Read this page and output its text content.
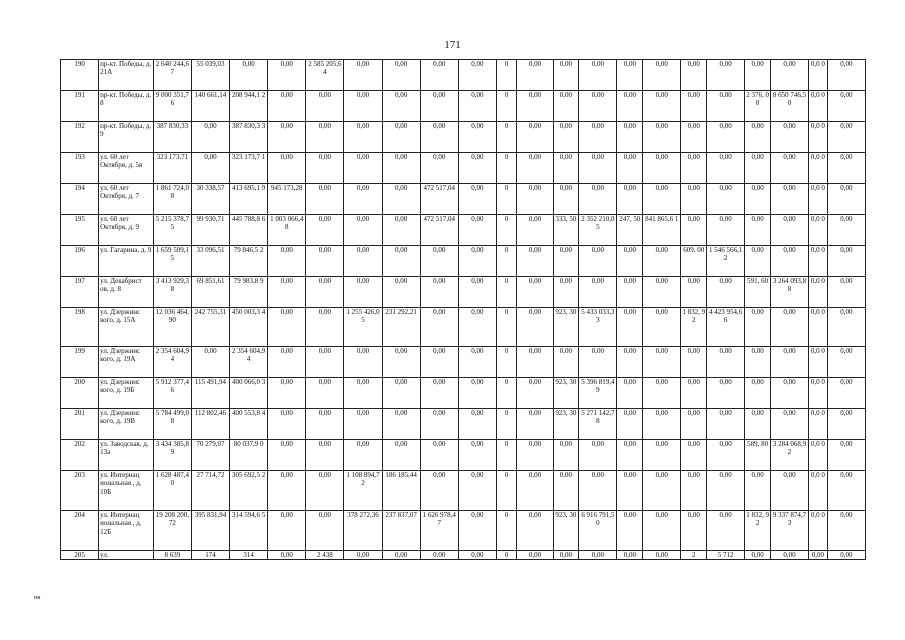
171
190	пр-кт. Победы, д. 21А	2 640 244,67	55 039,03	0,00	0,00	2 585 205,64	0,00	0,00	0,00	0,00	0	0,00	0,00	0,00	0,00	0,00	0,00	0,00	0,00	0,00	0,0 0	0,00
191	пр-кт. Победы, д. 8	9 000 351,76	140 661,14	208 944,1 2	0,00	0,00	0,00	0,00	0,00	0,00	0	0,00	0,00	0,00	0,00	0,00	0,00	0,00	2 376, 00	8 650 746,50	0,0 0	0,00
192	пр-кт. Победы, д. 9	387 830,33	0,00	387 830,3 3	0,00	0,00	0,00	0,00	0,00	0,00	0	0,00	0,00	0,00	0,00	0,00	0,00	0,00	0,00	0,00	0,0 0	0,00
193	ул. 60 лет Октября, д. 5в	323 173,71	0,00	323 173,7 1	0,00	0,00	0,00	0,00	0,00	0,00	0	0,00	0,00	0,00	0,00	0,00	0,00	0,00	0,00	0,00	0,0 0	0,00
194	ул. 60 лет Октября, д. 7	1 861 724,08	30 338,57	413 695,1 9	945 173,28	0,00	0,00	0,00	472 517,04	0,00	0	0,00	0,00	0,00	0,00	0,00	0,00	0,00	0,00	0,00	0,0 0	0,00
195	ул. 60 лет Октября, д. 9	5 215 378,75	99 930,71	445 788,8 6	1 003 066,48	0,00	0,00	0,00	472 517,04	0,00	0	0,00	333, 50	2 352 210,05	247, 50	841 865,6 1	0,00	0,00	0,00	0,00	0,0 0	0,00
196	ул. Гагарина, д. 9	1 659 509,15	33 096,51	79 846,5 2	0,00	0,00	0,00	0,00	0,00	0,00	0	0,00	0,00	0,00	0,00	0,00	609, 00	1 546 566,1 2	0,00	0,00	0,0 0	0,00
197	ул. Декабрист ов, д. 8	3 413 929,38	69 851,61	79 983,8 9	0,00	0,00	0,00	0,00	0,00	0,00	0	0,00	0,00	0,00	0,00	0,00	0,00	0,00	591, 60	3 264 093,88	0,0 0	0,00
198	ул. Дзержинс кого, д. 15А	12 036 464,90	242 755,31	450 003,3 4	0,00	0,00	1 255 426,05	231 292,21	0,00	0,00	0	0,00	923, 30	5 433 033,33	0,00	0,00	1 832, 92	4 423 954,6 6	0,00	0,00	0,0 0	0,00
199	ул. Дзержинс кого, д. 19А	2 354 604,94	0,00	2 354 604,9 4	0,00	0,00	0,00	0,00	0,00	0,00	0	0,00	0,00	0,00	0,00	0,00	0,00	0,00	0,00	0,00	0,0 0	0,00
200	ул. Дзержинс кого, д. 19Б	5 912 377,46	115 491,94	400 066,0 3	0,00	0,00	0,00	0,00	0,00	0,00	0	0,00	923, 30	5 396 819,49	0,00	0,00	0,00	0,00	0,00	0,00	0,0 0	0,00
201	ул. Дзержинс кого, д. 19В	5 784 499,08	112 802,46	400 553,8 4	0,00	0,00	0,00	0,00	0,00	0,00	0	0,00	923, 30	5 271 142,78	0,00	0,00	0,00	0,00	0,00	0,00	0,0 0	0,00
202	ул. Заводская, д. 13а	3 434 385,89	70 279,07	80 037,9 0	0,00	0,00	0,00	0,00	0,00	0,00	0	0,00	0,00	0,00	0,00	0,00	0,00	0,00	589, 80	3 284 068,92	0,0 0	0,00
203	ул. Интернац иональная , д. 10Б	1 628 487,40	27 714,72	305 692,5 2	0,00	0,00	1 108 894,72	186 185,44	0,00	0,00	0	0,00	0,00	0,00	0,00	0,00	0,00	0,00	0,00	0,00	0,0 0	0,00
204	ул. Интернац иональная , д. 12Б	19 208 200,72	395 831,94	314 594,6 5	0,00	0,00	378 272,36	237 837,07	1 626 978,47	0,00	0	0,00	923, 30	6 916 791,50	0,00	0,00	0,00	0,00	1 832, 92	9 337 874,73	0,0 0	0,00
205	ул.	8 639	174	314	0,00	2 438	0,00	0,00	0,00	0,00	0	0,00	0,00	0,00	0,00	0,00	2	5 712	0,00	0,00	0,00	0,00
нн
